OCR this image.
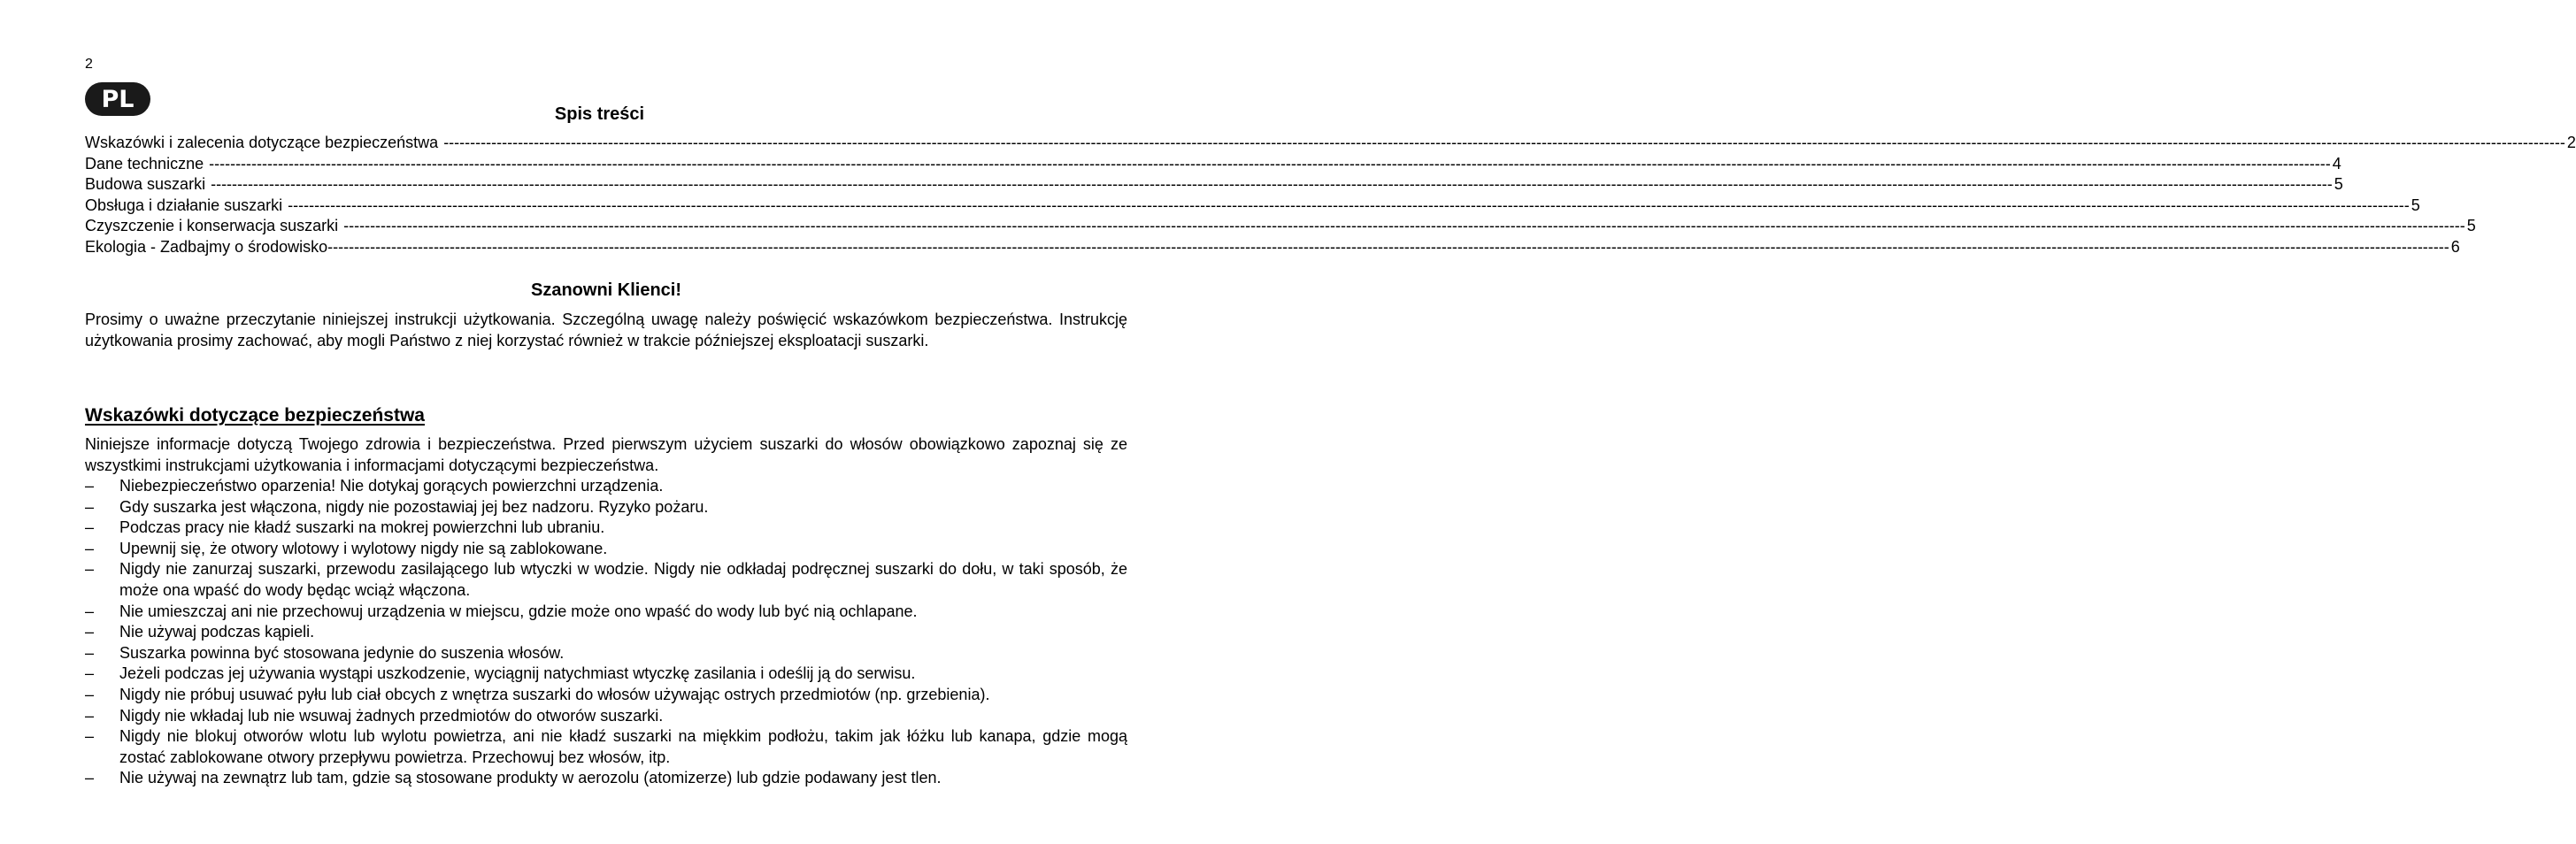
2
PL
Spis treści
Wskazówki i zalecenia dotyczące bezpieczeństwa ---------------------------------------------------------------------------------------------------------------------------------------------------------------------------------------------------------------------------------------------------------------------------------------------------------------------------------------------------------------------------------------------------------------- 2
Dane techniczne ---------------------------------------------------------------------------------------------------------------------------------------------------------------------------------------------------------------------------------------------------------------------------------------------------------------------------------------------------------------------------------------------------------------- 4
Budowa suszarki ---------------------------------------------------------------------------------------------------------------------------------------------------------------------------------------------------------------------------------------------------------------------------------------------------------------------------------------------------------------------------------------------------------------- 5
Obsługa i działanie suszarki ---------------------------------------------------------------------------------------------------------------------------------------------------------------------------------------------------------------------------------------------------------------------------------------------------------------------------------------------------------------------------------------------------------------- 5
Czyszczenie i konserwacja suszarki ---------------------------------------------------------------------------------------------------------------------------------------------------------------------------------------------------------------------------------------------------------------------------------------------------------------------------------------------------------------------------------------------------------------- 5
Ekologia - Zadbajmy o środowisko ---------------------------------------------------------------------------------------------------------------------------------------------------------------------------------------------------------------------------------------------------------------------------------------------------------------------------------------------------------------------------------------------------------------- 6
Szanowni Klienci!

Prosimy o uważne przeczytanie niniejszej instrukcji użytkowania. Szczególną uwagę należy poświęcić wskazówkom bezpieczeństwa. Instrukcję użytkowania prosimy zachować, aby mogli Państwo z niej korzystać również w trakcie późniejszej eksploatacji suszarki.

Wskazówki dotyczące bezpieczeństwa

Niniejsze informacje dotyczą Twojego zdrowia i bezpieczeństwa. Przed pierwszym użyciem suszarki do włosów obowiązkowo zapoznaj się ze wszystkimi instrukcjami użytkowania i informacjami dotyczącymi bezpieczeństwa.

–	Niebezpieczeństwo oparzenia! Nie dotykaj gorących powierzchni urządzenia.
–	Gdy suszarka jest włączona, nigdy nie pozostawiaj jej bez nadzoru. Ryzyko pożaru.
–	Podczas pracy nie kładź suszarki na mokrej powierzchni lub ubraniu.
–	Upewnij się, że otwory wlotowy i wylotowy nigdy nie są zablokowane.
–	Nigdy nie zanurzaj suszarki, przewodu zasilającego lub wtyczki w wodzie. Nigdy nie odkładaj podręcznej suszarki do dołu, w taki sposób, że może ona wpaść do wody będąc wciąż włączona.
–	Nie umieszczaj ani nie przechowuj urządzenia w miejscu, gdzie może ono wpaść do wody lub być nią ochlapane.
–	Nie używaj podczas kąpieli.
–	Suszarka powinna być stosowana jedynie do suszenia włosów.
–	Jeżeli podczas jej używania wystąpi uszkodzenie, wyciągnij natychmiast wtyczkę zasilania i odeślij ją do serwisu.
–	Nigdy nie próbuj usuwać pyłu lub ciał obcych z wnętrza suszarki do włosów używając ostrych przedmiotów (np. grzebienia).
–	Nigdy nie wkładaj lub nie wsuwaj żadnych przedmiotów do otworów suszarki.
–	Nigdy nie blokuj otworów wlotu lub wylotu powietrza, ani nie kładź suszarki na miękkim podłożu, takim jak łóżku lub kanapa, gdzie mogą zostać zablokowane otwory przepływu powietrza. Przechowuj bez włosów, itp.
–	Nie używaj na zewnątrz lub tam, gdzie są stosowane produkty w aerozolu (atomizerze) lub gdzie podawany jest tlen.
